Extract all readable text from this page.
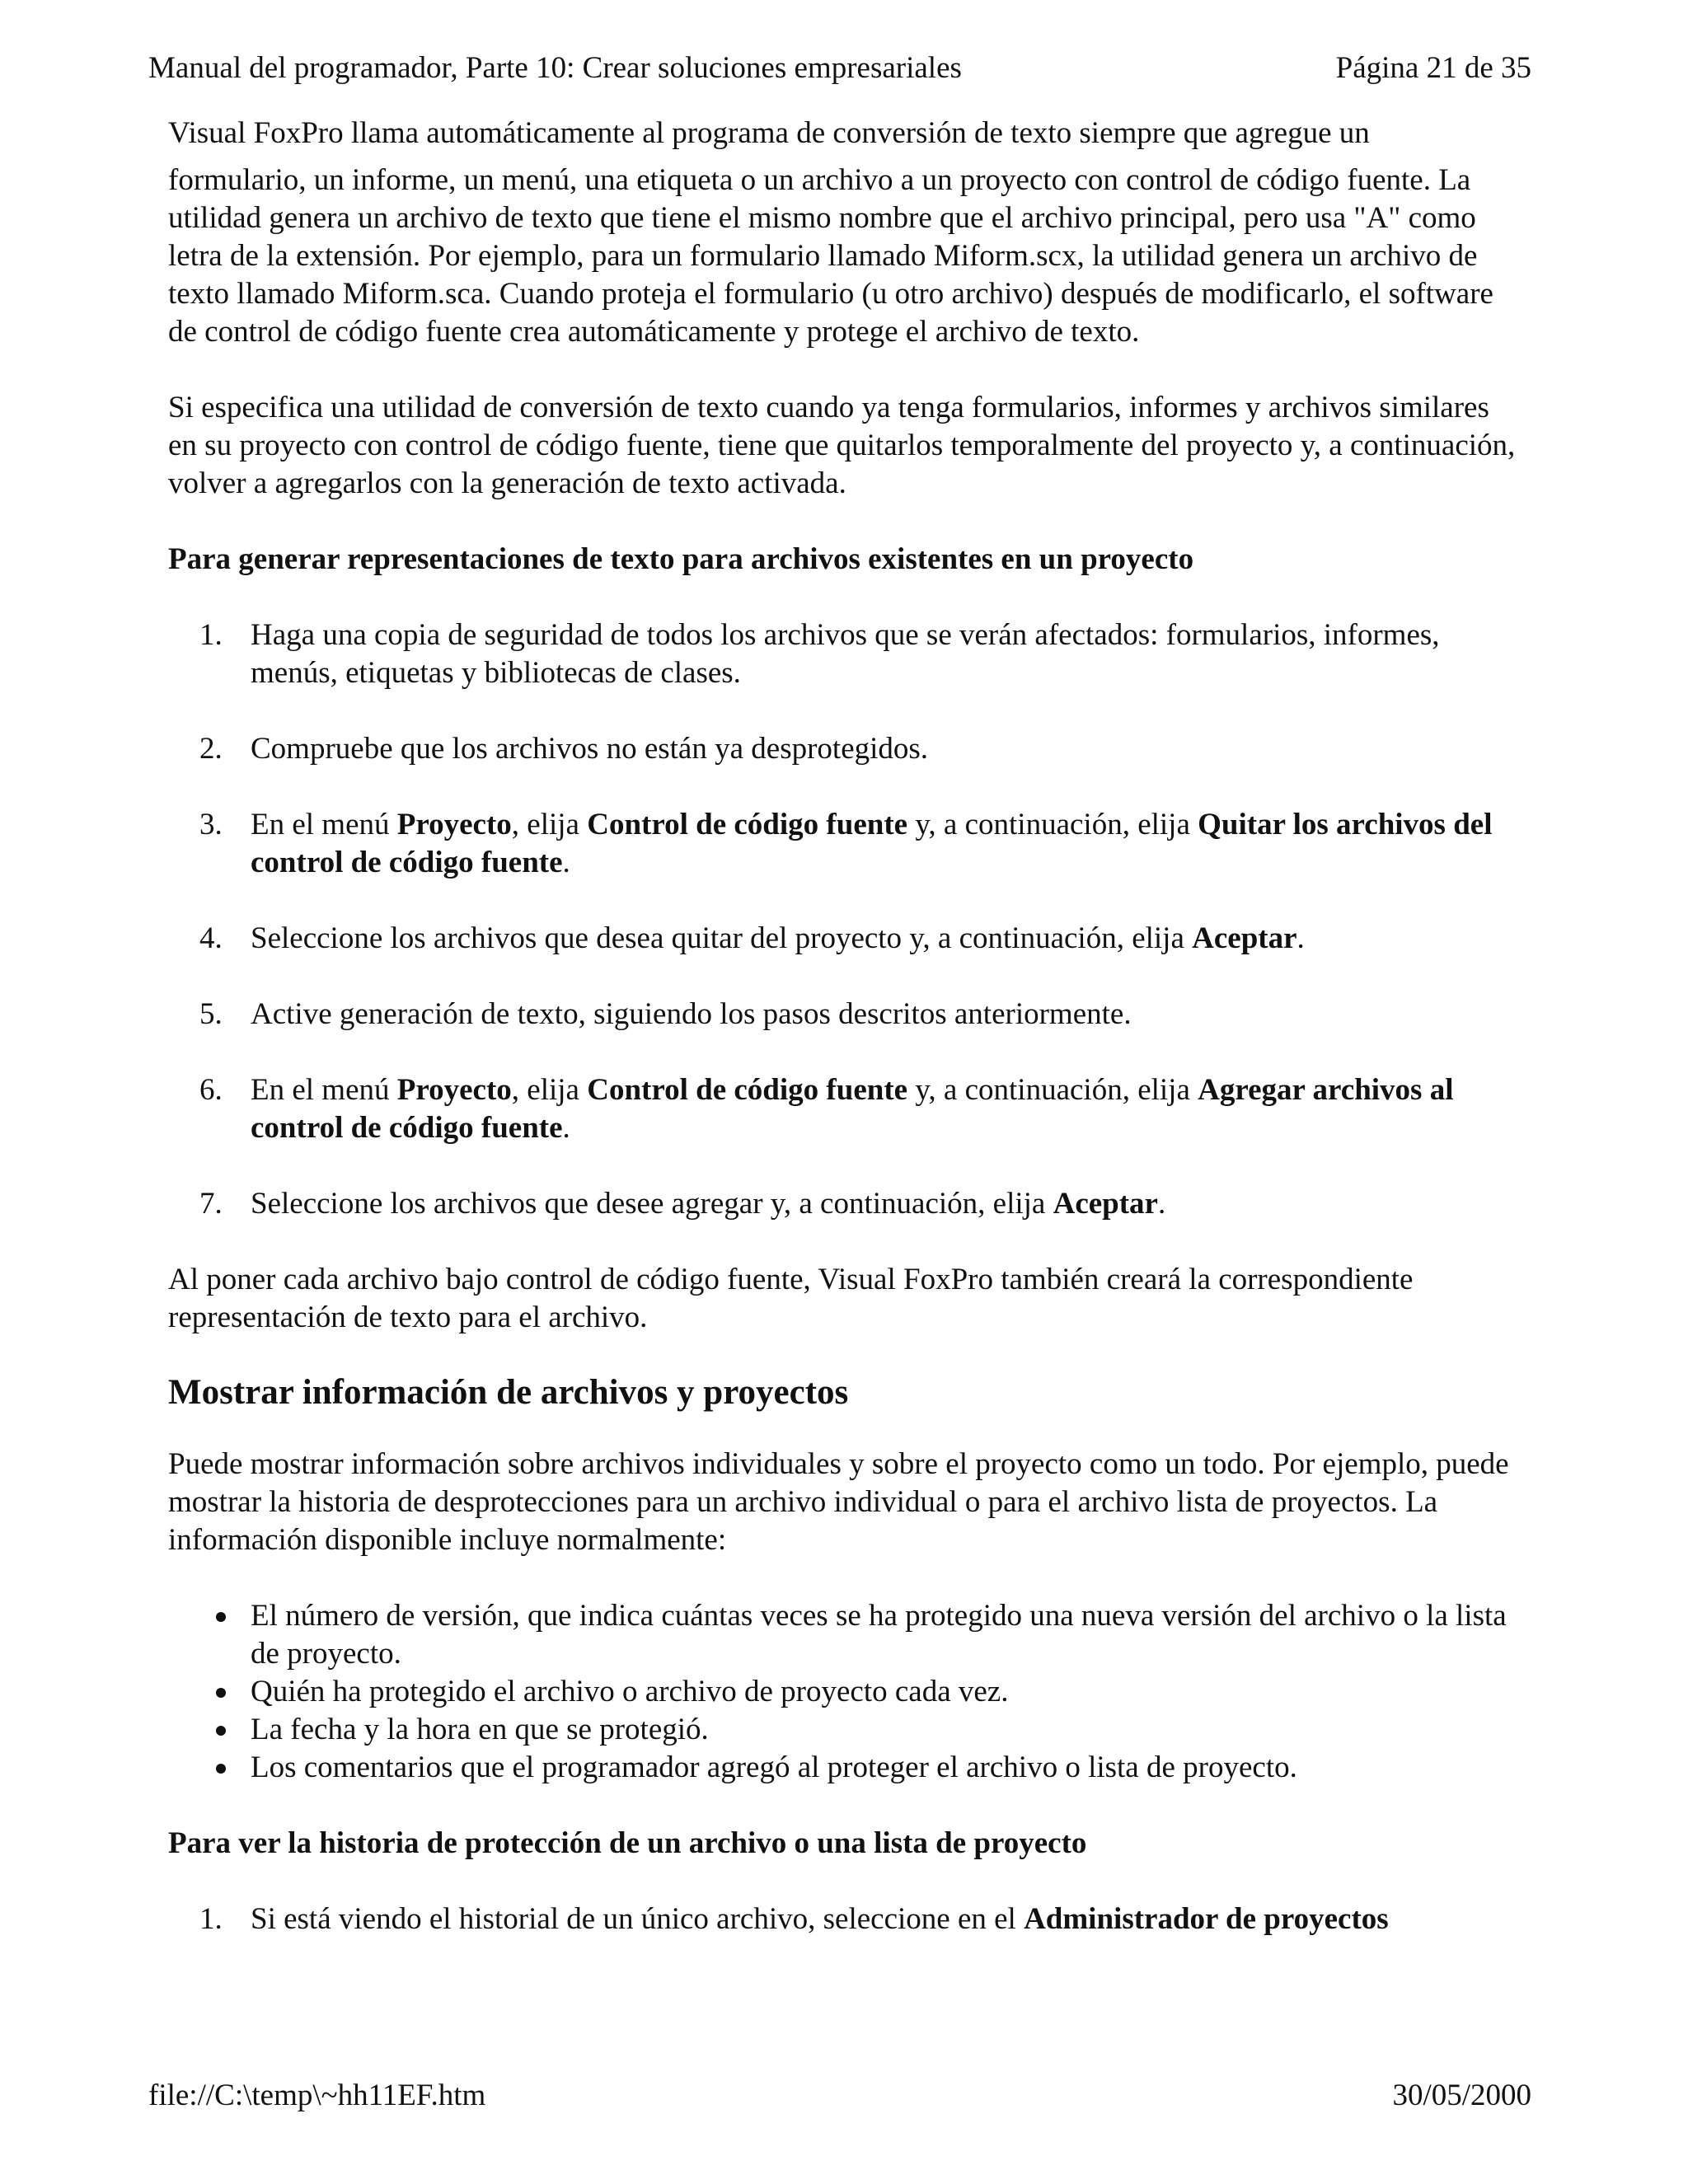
Manual del programador, Parte 10: Crear soluciones empresariales	Página 21 de 35
Visual FoxPro llama automáticamente al programa de conversión de texto siempre que agregue un

formulario, un informe, un menú, una etiqueta o un archivo a un proyecto con control de código fuente. La utilidad genera un archivo de texto que tiene el mismo nombre que el archivo principal, pero usa "A" como letra de la extensión. Por ejemplo, para un formulario llamado Miform.scx, la utilidad genera un archivo de texto llamado Miform.sca. Cuando proteja el formulario (u otro archivo) después de modificarlo, el software de control de código fuente crea automáticamente y protege el archivo de texto.

Si especifica una utilidad de conversión de texto cuando ya tenga formularios, informes y archivos similares en su proyecto con control de código fuente, tiene que quitarlos temporalmente del proyecto y, a continuación, volver a agregarlos con la generación de texto activada.

Para generar representaciones de texto para archivos existentes en un proyecto

1. Haga una copia de seguridad de todos los archivos que se verán afectados: formularios, informes, menús, etiquetas y bibliotecas de clases.
2. Compruebe que los archivos no están ya desprotegidos.
3. En el menú Proyecto, elija Control de código fuente y, a continuación, elija Quitar los archivos del control de código fuente.
4. Seleccione los archivos que desea quitar del proyecto y, a continuación, elija Aceptar.
5. Active generación de texto, siguiendo los pasos descritos anteriormente.
6. En el menú Proyecto, elija Control de código fuente y, a continuación, elija Agregar archivos al control de código fuente.
7. Seleccione los archivos que desee agregar y, a continuación, elija Aceptar.

Al poner cada archivo bajo control de código fuente, Visual FoxPro también creará la correspondiente representación de texto para el archivo.

Mostrar información de archivos y proyectos

Puede mostrar información sobre archivos individuales y sobre el proyecto como un todo. Por ejemplo, puede mostrar la historia de desprotecciones para un archivo individual o para el archivo lista de proyectos. La información disponible incluye normalmente:

El número de versión, que indica cuántas veces se ha protegido una nueva versión del archivo o la lista de proyecto.
Quién ha protegido el archivo o archivo de proyecto cada vez.
La fecha y la hora en que se protegió.
Los comentarios que el programador agregó al proteger el archivo o lista de proyecto.

Para ver la historia de protección de un archivo o una lista de proyecto

1. Si está viendo el historial de un único archivo, seleccione en el Administrador de proyectos
file://C:\temp\~hh11EF.htm	30/05/2000
